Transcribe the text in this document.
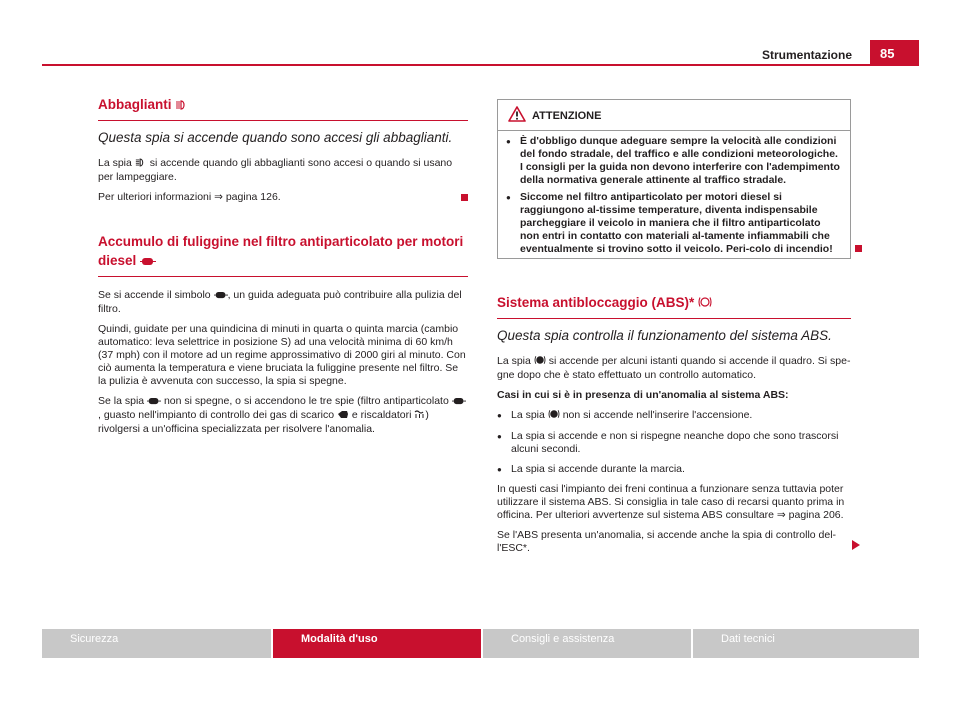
Strumentazione	85
Abbaglianti
Questa spia si accende quando sono accesi gli abbaglianti.

La spia si accende quando gli abbaglianti sono accesi o quando si usano per lampeggiare.

Per ulteriori informazioni ⇒ pagina 126.

Accumulo di fuliggine nel filtro antiparticolato per motori
diesel

Se si accende il simbolo , un guida adeguata può contribuire alla pulizia del filtro.

Quindi, guidate per una quindicina di minuti in quarta o quinta marcia (cambio automatico: leva selettrice in posizione S) ad una velocità minima di 60 km/h (37 mph) con il motore ad un regime approssimativo di 2000 giri al minuto. Con ciò aumenta la temperatura e viene bruciata la fuliggine presente nel filtro. Se la pulizia è avvenuta con successo, la spia si spegne.

Se la spia non si spegne, o si accendono le tre spie (filtro antiparticolato , guasto nell'impianto di controllo dei gas di scarico e riscaldatori ) rivolgersi a un'officina specializzata per risolvere l'anomalia.

ATTENZIONE
● È d'obbligo dunque adeguare sempre la velocità alle condizioni del fondo stradale, del traffico e alle condizioni meteorologiche. I consigli per la guida non devono interferire con l'adempimento della normativa generale attinente al traffico stradale.
● Siccome nel filtro antiparticolato per motori diesel si raggiungono al-tissime temperature, diventa indispensabile parcheggiare il veicolo in maniera che il filtro antiparticolato non entri in contatto con materiali al-tamente infiammabili che eventualmente si trovino sotto il veicolo. Peri-colo di incendio!
Sistema antibloccaggio (ABS)*
Questa spia controlla il funzionamento del sistema ABS.

La spia si accende per alcuni istanti quando si accende il quadro. Si spe-gne dopo che è stato effettuato un controllo automatico.

Casi in cui si è in presenza di un'anomalia al sistema ABS:

● La spia non si accende nell'inserire l'accensione.

● La spia si accende e non si rispegne neanche dopo che sono trascorsi alcuni secondi.

● La spia si accende durante la marcia.

In questi casi l'impianto dei freni continua a funzionare senza tuttavia poter utilizzare il sistema ABS. Si consiglia in tale caso di recarsi quanto prima in officina. Per ulteriori avvertenze sul sistema ABS consultare ⇒ pagina 206.

Se l'ABS presenta un'anomalia, si accende anche la spia di controllo del-l'ESC*.

Sicurezza	Modalità d'uso	Consigli e assistenza	Dati tecnici
